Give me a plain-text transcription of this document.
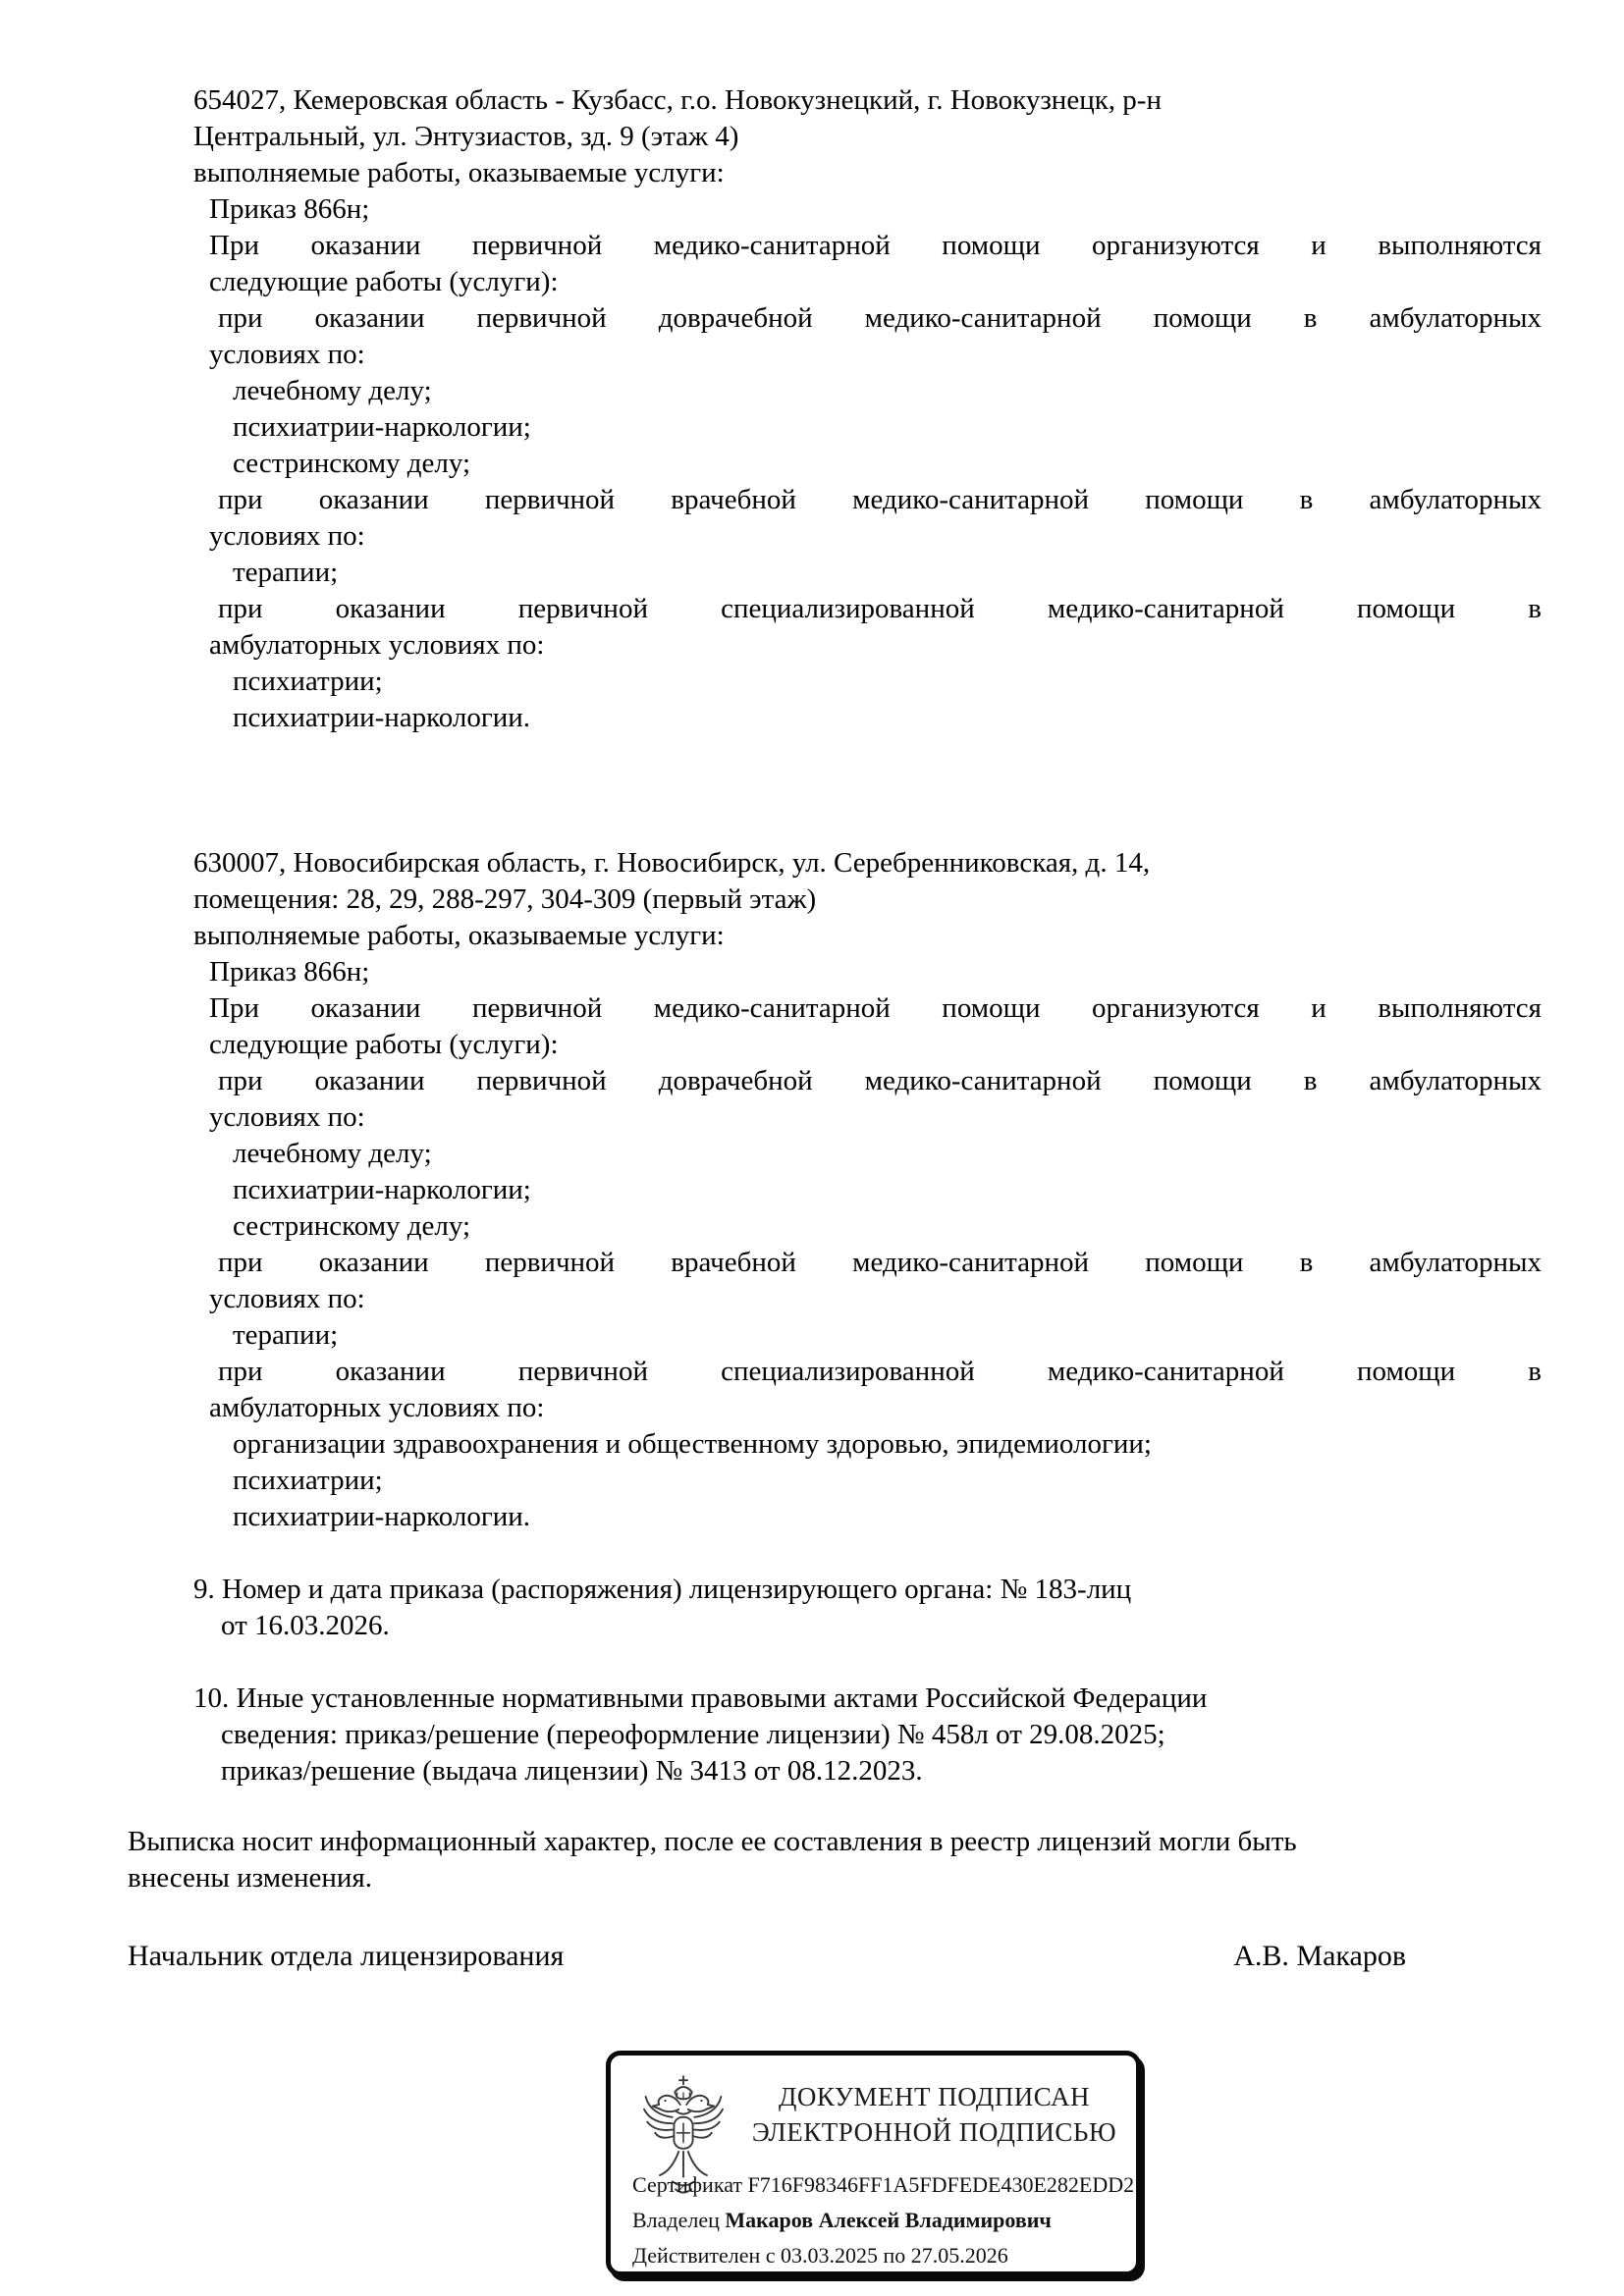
654027, Кемеровская область - Кузбасс, г.о. Новокузнецкий, г. Новокузнецк, р-н
Центральный, ул. Энтузиастов, зд. 9 (этаж 4)
выполняемые работы, оказываемые услуги:
Приказ 866н;
При оказании первичной медико-санитарной помощи организуются и выполняются
следующие работы (услуги):
при оказании первичной доврачебной медико-санитарной помощи в амбулаторных
условиях по:
лечебному делу;
психиатрии-наркологии;
сестринскому делу;
при оказании первичной врачебной медико-санитарной помощи в амбулаторных
условиях по:
терапии;
при оказании первичной специализированной медико-санитарной помощи в
амбулаторных условиях по:
психиатрии;
психиатрии-наркологии.
630007, Новосибирская область, г. Новосибирск, ул. Серебренниковская, д. 14,
помещения: 28, 29, 288-297, 304-309 (первый этаж)
выполняемые работы, оказываемые услуги:
Приказ 866н;
При оказании первичной медико-санитарной помощи организуются и выполняются
следующие работы (услуги):
при оказании первичной доврачебной медико-санитарной помощи в амбулаторных
условиях по:
лечебному делу;
психиатрии-наркологии;
сестринскому делу;
при оказании первичной врачебной медико-санитарной помощи в амбулаторных
условиях по:
терапии;
при оказании первичной специализированной медико-санитарной помощи в
амбулаторных условиях по:
организации здравоохранения и общественному здоровью, эпидемиологии;
психиатрии;
психиатрии-наркологии.
9. Номер и дата приказа (распоряжения) лицензирующего органа: № 183-лиц
от 16.03.2026.
10. Иные установленные нормативными правовыми актами Российской Федерации
сведения: приказ/решение (переоформление лицензии) № 458л от 29.08.2025;
приказ/решение (выдача лицензии) № 3413 от 08.12.2023.
Выписка носит информационный характер, после ее составления в реестр лицензий могли быть
внесены изменения.
Начальник отдела лицензирования	А.В. Макаров
ДОКУМЕНТ ПОДПИСАН
ЭЛЕКТРОННОЙ ПОДПИСЬЮ
Сертификат F716F98346FF1A5FDFEDE430E282EDD2
Владелец Макаров Алексей Владимирович
Действителен с 03.03.2025 по 27.05.2026
